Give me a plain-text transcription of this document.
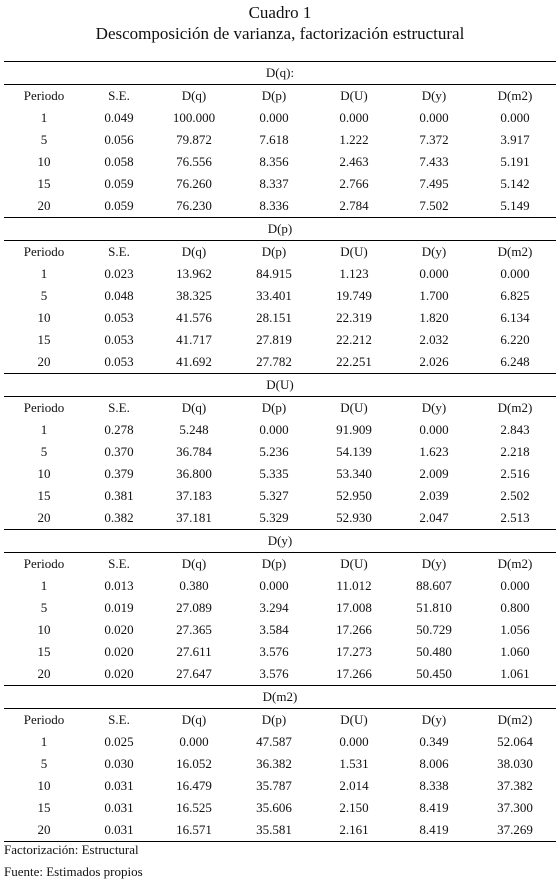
Cuadro 1
Descomposición de varianza, factorización estructural
D(q):						
Periodo	S.E.	D(q)	D(p)	D(U)	D(y)	D(m2)
1	0.049	100.000	0.000	0.000	0.000	0.000
5	0.056	79.872	7.618	1.222	7.372	3.917
10	0.058	76.556	8.356	2.463	7.433	5.191
15	0.059	76.260	8.337	2.766	7.495	5.142
20	0.059	76.230	8.336	2.784	7.502	5.149
D(p)						
Periodo	S.E.	D(q)	D(p)	D(U)	D(y)	D(m2)
1	0.023	13.962	84.915	1.123	0.000	0.000
5	0.048	38.325	33.401	19.749	1.700	6.825
10	0.053	41.576	28.151	22.319	1.820	6.134
15	0.053	41.717	27.819	22.212	2.032	6.220
20	0.053	41.692	27.782	22.251	2.026	6.248
D(U)						
Periodo	S.E.	D(q)	D(p)	D(U)	D(y)	D(m2)
1	0.278	5.248	0.000	91.909	0.000	2.843
5	0.370	36.784	5.236	54.139	1.623	2.218
10	0.379	36.800	5.335	53.340	2.009	2.516
15	0.381	37.183	5.327	52.950	2.039	2.502
20	0.382	37.181	5.329	52.930	2.047	2.513
D(y)						
Periodo	S.E.	D(q)	D(p)	D(U)	D(y)	D(m2)
1	0.013	0.380	0.000	11.012	88.607	0.000
5	0.019	27.089	3.294	17.008	51.810	0.800
10	0.020	27.365	3.584	17.266	50.729	1.056
15	0.020	27.611	3.576	17.273	50.480	1.060
20	0.020	27.647	3.576	17.266	50.450	1.061
D(m2)						
Periodo	S.E.	D(q)	D(p)	D(U)	D(y)	D(m2)
1	0.025	0.000	47.587	0.000	0.349	52.064
5	0.030	16.052	36.382	1.531	8.006	38.030
10	0.031	16.479	35.787	2.014	8.338	37.382
15	0.031	16.525	35.606	2.150	8.419	37.300
20	0.031	16.571	35.581	2.161	8.419	37.269
Factorización: Estructural
Fuente: Estimados propios
